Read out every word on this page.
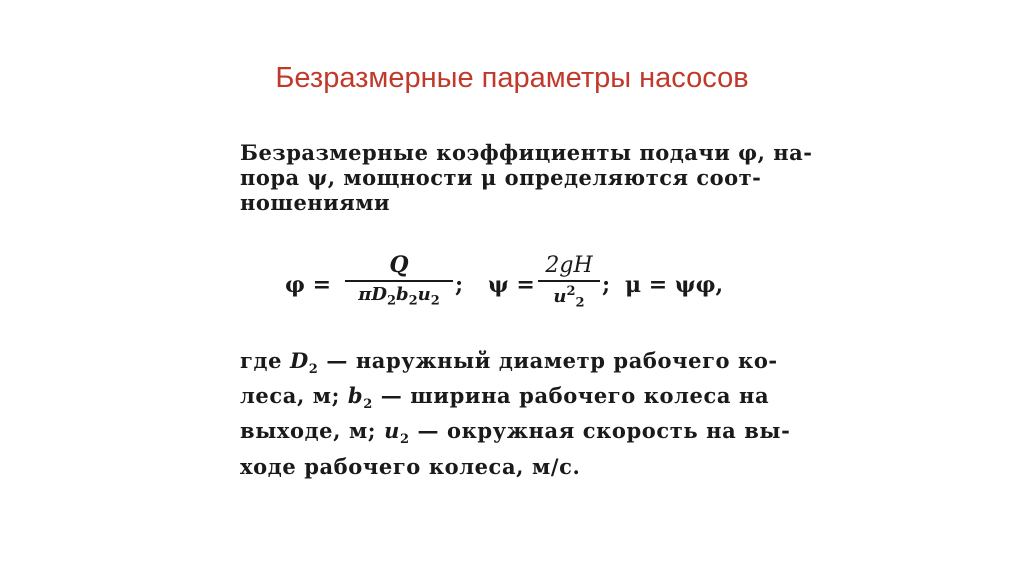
Безразмерные параметры насосов

Безразмерные коэффициенты подачи φ, на-
пора ψ, мощности μ определяются соот-
ношениями

φ =
Q
$\pi D_2b_2u_2$
; ψ =
2gH
$u^2_2$
; μ = ψφ,
где $D_2$ — наружный диаметр рабочего ко-
леса, м; $b_2$ — ширина рабочего колеса на
выходе, м; $u_2$ — окружная скорость на вы-
ходе рабочего колеса, м/с.
